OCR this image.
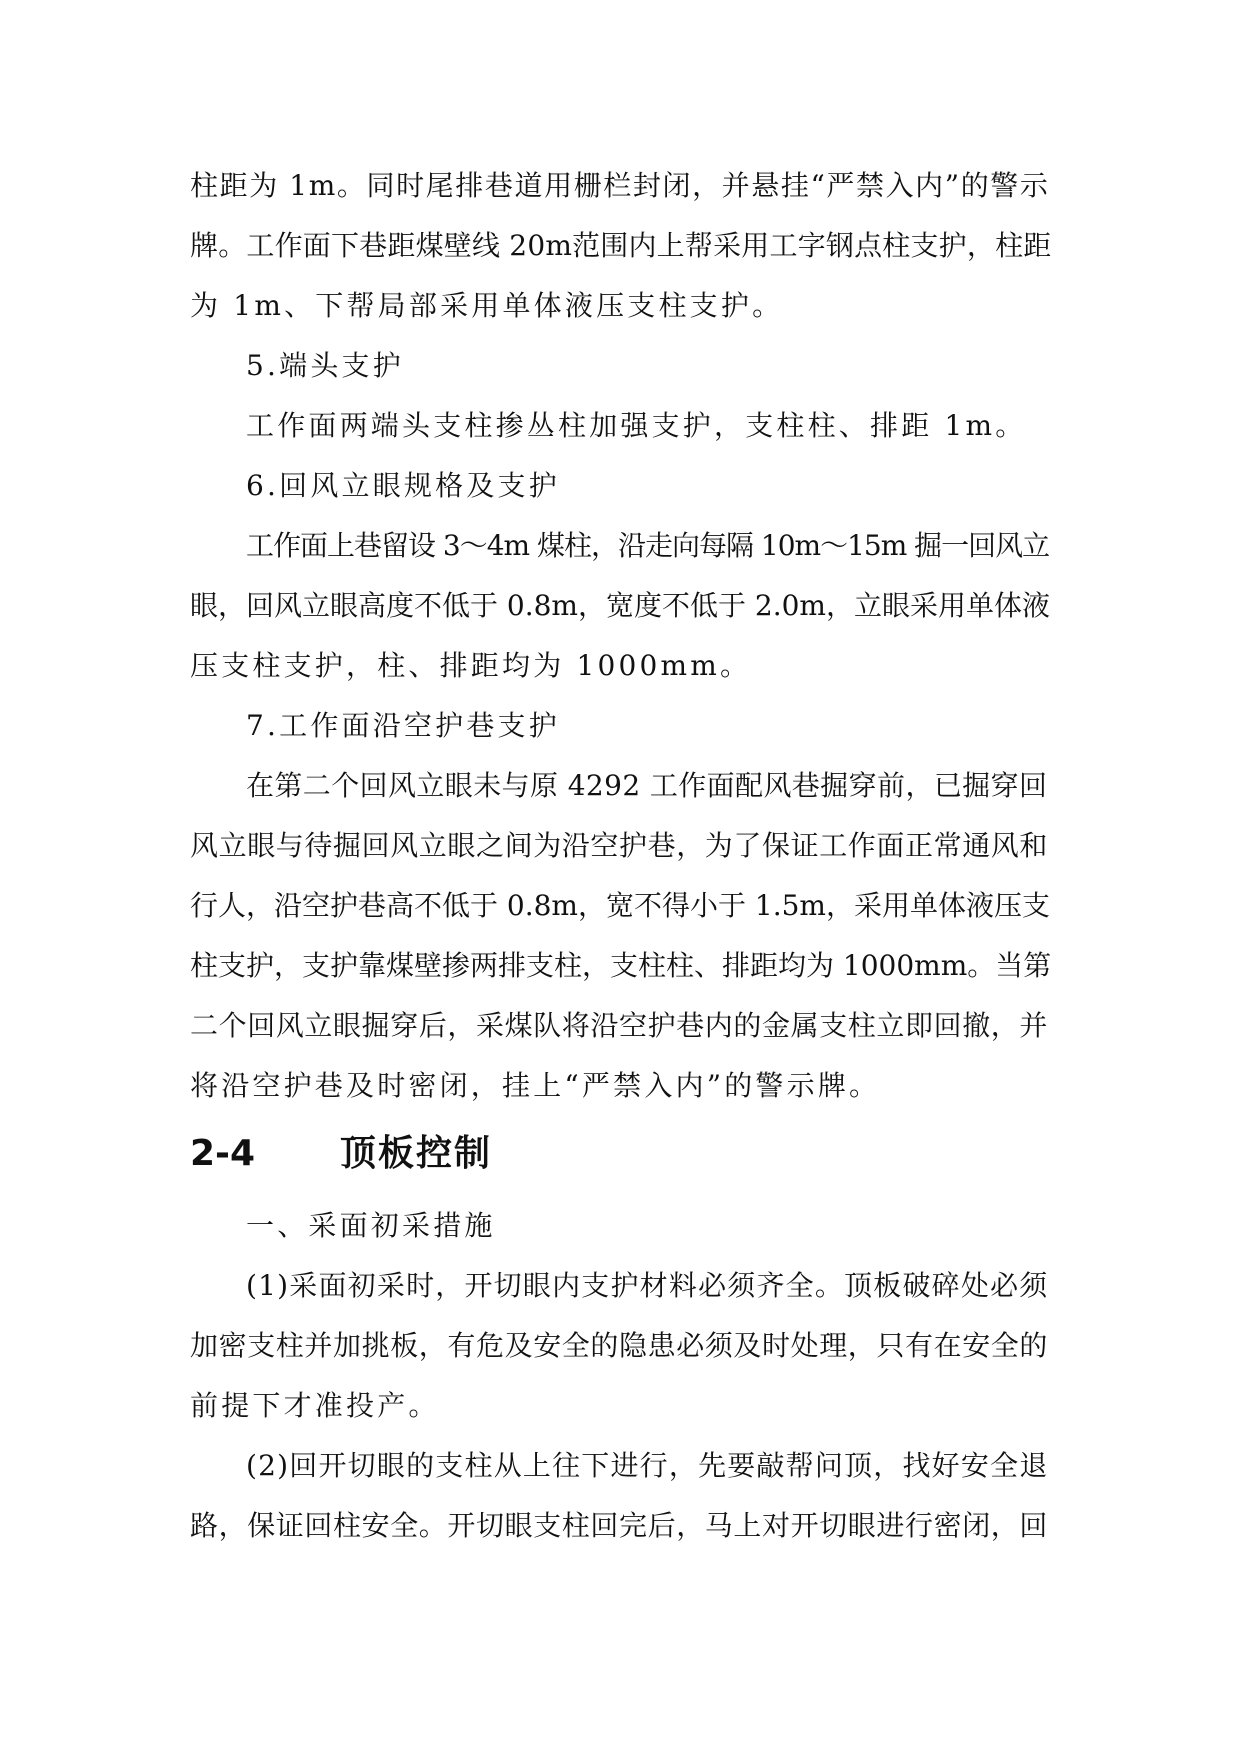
柱距为 1m。同时尾排巷道用栅栏封闭，并悬挂“严禁入内”的警示
牌。工作面下巷距煤壁线 20m范围内上帮采用工字钢点柱支护，柱距
为 1m、下帮局部采用单体液压支柱支护。
5.端头支护
工作面两端头支柱掺丛柱加强支护，支柱柱、排距 1m。
6.回风立眼规格及支护
工作面上巷留设 3～4m 煤柱，沿走向每隔 10m～15m 掘一回风立
眼，回风立眼高度不低于 0.8m，宽度不低于 2.0m，立眼采用单体液
压支柱支护，柱、排距均为 1000mm。
7.工作面沿空护巷支护
在第二个回风立眼未与原 4292 工作面配风巷掘穿前，已掘穿回
风立眼与待掘回风立眼之间为沿空护巷，为了保证工作面正常通风和
行人，沿空护巷高不低于 0.8m，宽不得小于 1.5m，采用单体液压支
柱支护，支护靠煤壁掺两排支柱，支柱柱、排距均为 1000mm。当第
二个回风立眼掘穿后，采煤队将沿空护巷内的金属支柱立即回撤，并
将沿空护巷及时密闭，挂上“严禁入内”的警示牌。
2-4 顶板控制
一、采面初采措施
(1)采面初采时，开切眼内支护材料必须齐全。顶板破碎处必须
加密支柱并加挑板，有危及安全的隐患必须及时处理，只有在安全的
前提下才准投产。
(2)回开切眼的支柱从上往下进行，先要敲帮问顶，找好安全退
路，保证回柱安全。开切眼支柱回完后，马上对开切眼进行密闭，回
